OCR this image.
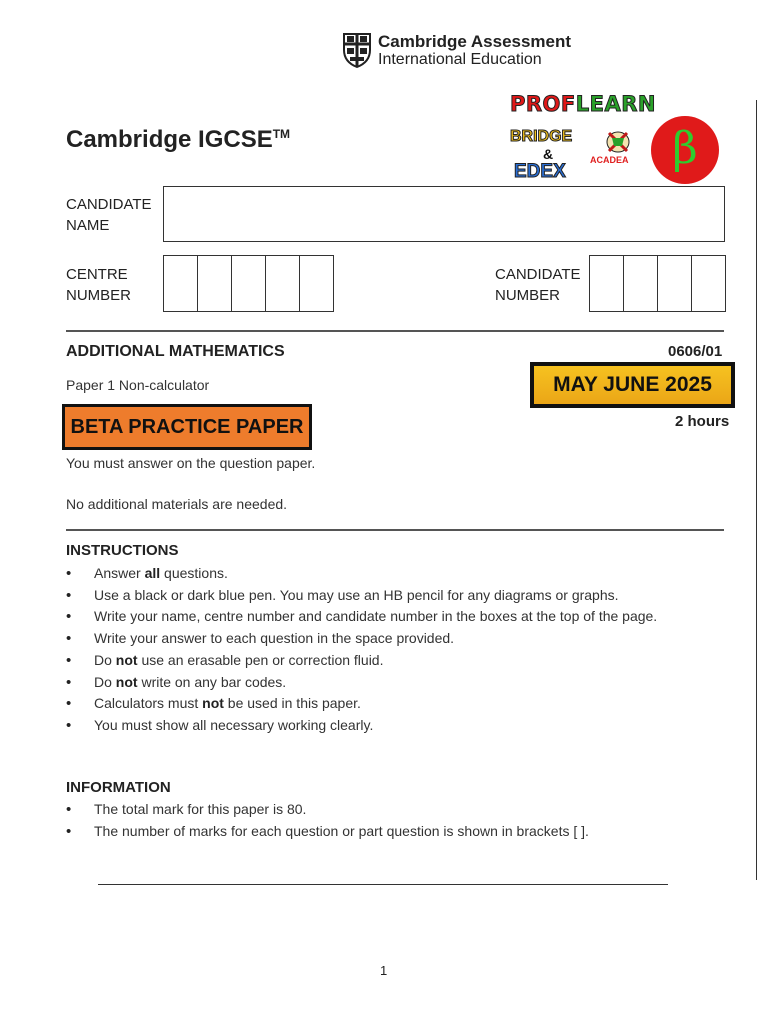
Cambridge Assessment
International Education
PROFLEARN
BRIDGE
&
EDEX
ACADEA β
Cambridge IGCSE™
CANDIDATE NAME
CENTRE NUMBER
CANDIDATE NUMBER
ADDITIONAL MATHEMATICS	0606/01
Paper 1 Non-calculator	MAY JUNE 2025
BETA PRACTICE PAPER	2 hours
You must answer on the question paper.
No additional materials are needed.
INSTRUCTIONS
• Answer all questions.
• Use a black or dark blue pen. You may use an HB pencil for any diagrams or graphs.
• Write your name, centre number and candidate number in the boxes at the top of the page.
• Write your answer to each question in the space provided.
• Do not use an erasable pen or correction fluid.
• Do not write on any bar codes.
• Calculators must not be used in this paper.
• You must show all necessary working clearly.
INFORMATION
• The total mark for this paper is 80.
• The number of marks for each question or part question is shown in brackets [ ].
1
